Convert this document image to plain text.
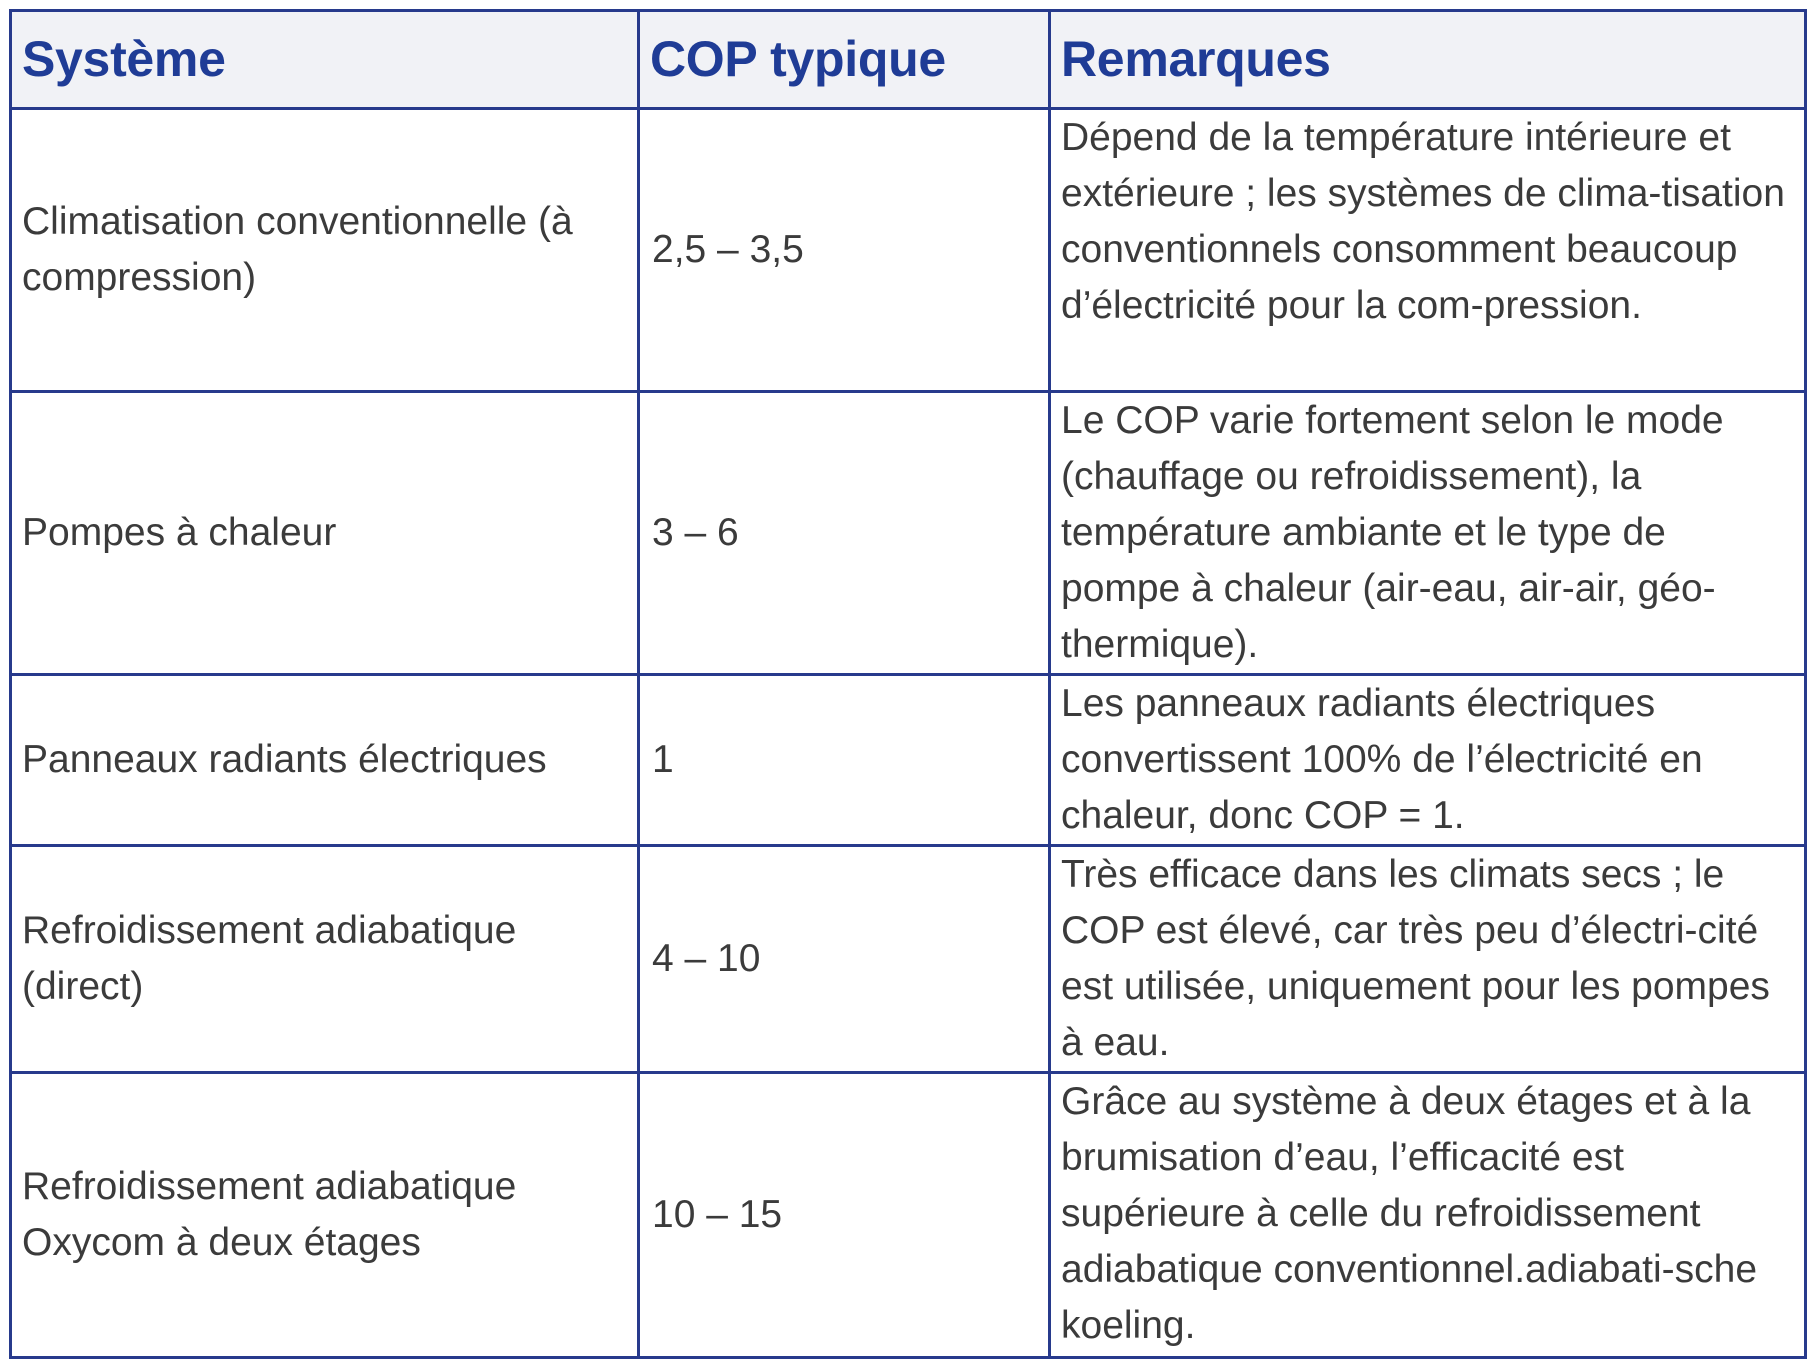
Système	COP typique	Remarques
Climatisation conventionnelle (à compression)	2,5 – 3,5	Dépend de la température intérieure et extérieure ; les systèmes de clima-tisation conventionnels consomment beaucoup d’électricité pour la com-pression.
Pompes à chaleur	3 – 6	Le COP varie fortement selon le mode (chauffage ou refroidissement), la température ambiante et le type de pompe à chaleur (air-eau, air-air, géo-thermique).
Panneaux radiants électriques	1	Les panneaux radiants électriques convertissent 100% de l’électricité en chaleur, donc COP = 1.
Refroidissement adiabatique (direct)	4 – 10	Très efficace dans les climats secs ; le COP est élevé, car très peu d’électri-cité est utilisée, uniquement pour les pompes à eau.
Refroidissement adiabatique Oxycom à deux étages	10 – 15	Grâce au système à deux étages et à la brumisation d’eau, l’efficacité est supérieure à celle du refroidissement adiabatique conventionnel.adiabati-sche koeling.
